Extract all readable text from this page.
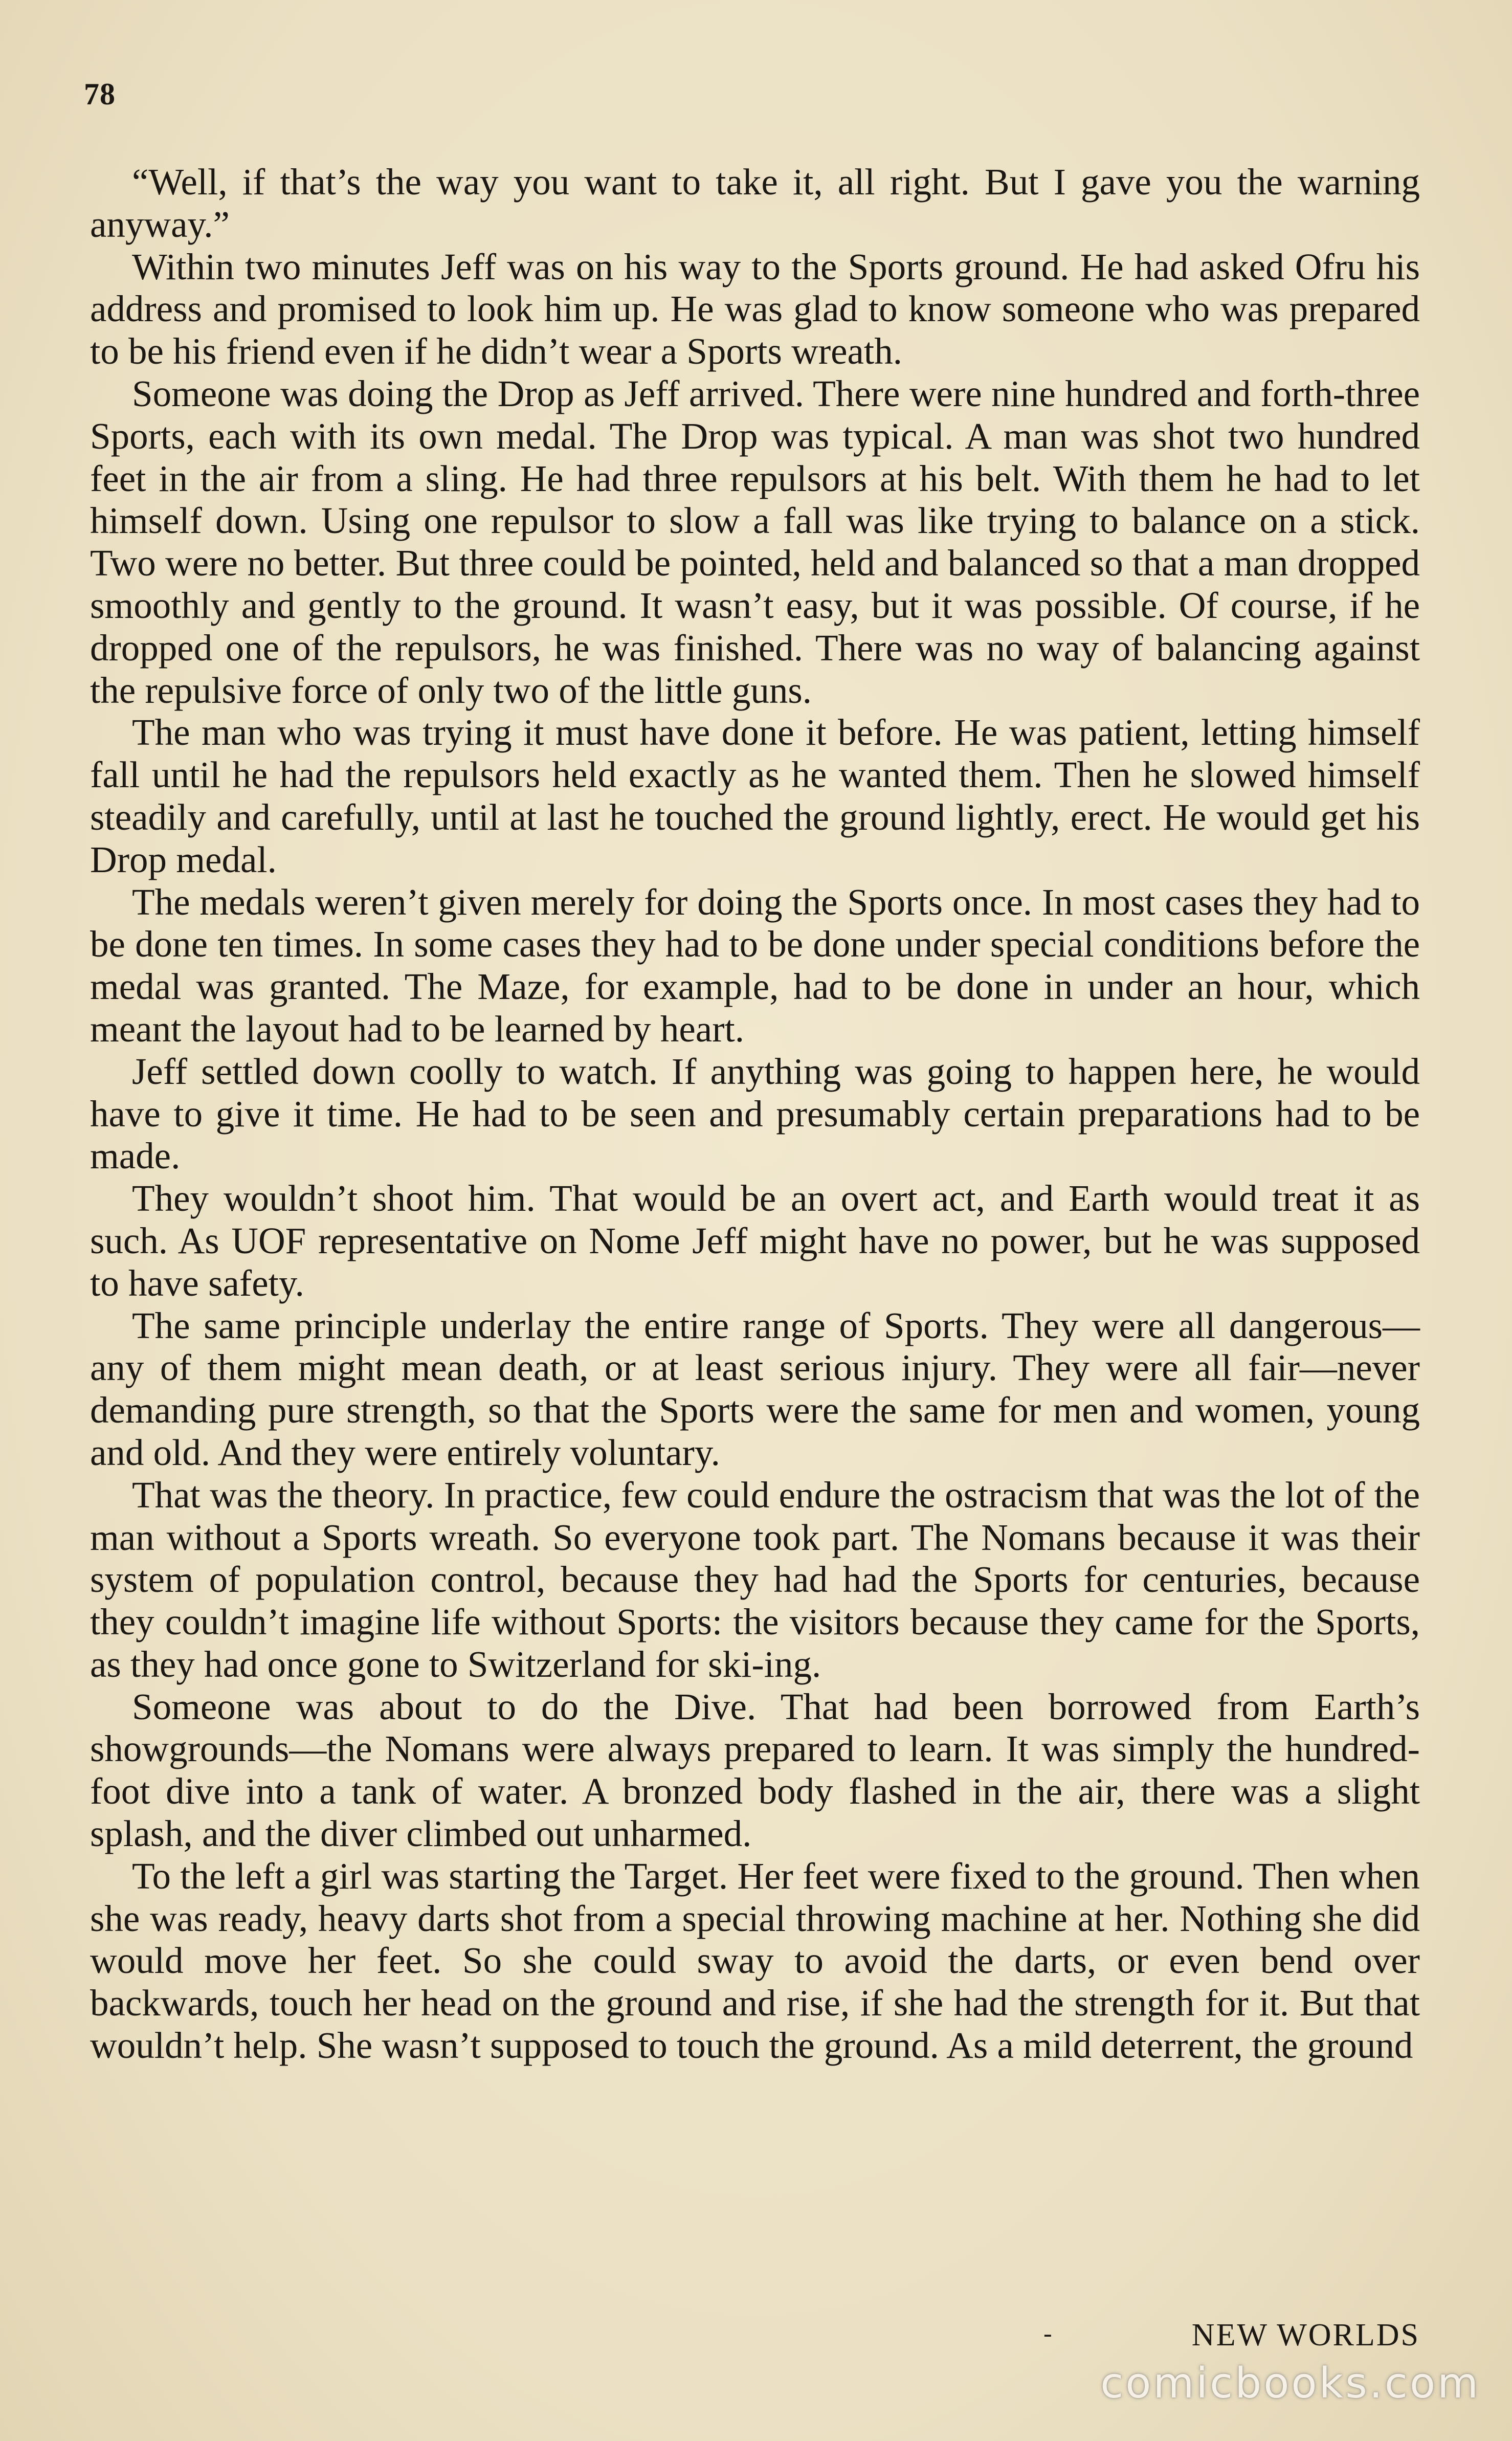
78

“Well, if that’s the way you want to take it, all right. But I gave you the warning anyway.”

Within two minutes Jeff was on his way to the Sports ground. He had asked Ofru his address and promised to look him up. He was glad to know someone who was prepared to be his friend even if he didn’t wear a Sports wreath.

Someone was doing the Drop as Jeff arrived. There were nine hundred and forth-three Sports, each with its own medal. The Drop was typical. A man was shot two hundred feet in the air from a sling. He had three repulsors at his belt. With them he had to let himself down. Using one repulsor to slow a fall was like trying to balance on a stick. Two were no better. But three could be pointed, held and balanced so that a man dropped smoothly and gently to the ground. It wasn’t easy, but it was possible. Of course, if he dropped one of the repulsors, he was finished. There was no way of balancing against the repulsive force of only two of the little guns.

The man who was trying it must have done it before. He was patient, letting himself fall until he had the repulsors held exactly as he wanted them. Then he slowed himself steadily and carefully, until at last he touched the ground lightly, erect. He would get his Drop medal.

The medals weren’t given merely for doing the Sports once. In most cases they had to be done ten times. In some cases they had to be done under special conditions before the medal was granted. The Maze, for example, had to be done in under an hour, which meant the layout had to be learned by heart.

Jeff settled down coolly to watch. If anything was going to happen here, he would have to give it time. He had to be seen and presumably certain preparations had to be made.

They wouldn’t shoot him. That would be an overt act, and Earth would treat it as such. As UOF representative on Nome Jeff might have no power, but he was supposed to have safety.

The same principle underlay the entire range of Sports. They were all dangerous—any of them might mean death, or at least serious injury. They were all fair—never demanding pure strength, so that the Sports were the same for men and women, young and old. And they were entirely voluntary.

That was the theory. In practice, few could endure the ostracism that was the lot of the man without a Sports wreath. So everyone took part. The Nomans because it was their system of population control, because they had had the Sports for centuries, because they couldn’t imagine life without Sports: the visitors because they came for the Sports, as they had once gone to Switzerland for ski-ing.

Someone was about to do the Dive. That had been borrowed from Earth’s showgrounds—the Nomans were always prepared to learn. It was simply the hundred-foot dive into a tank of water. A bronzed body flashed in the air, there was a slight splash, and the diver climbed out unharmed.

To the left a girl was starting the Target. Her feet were fixed to the ground. Then when she was ready, heavy darts shot from a special throwing machine at her. Nothing she did would move her feet. So she could sway to avoid the darts, or even bend over backwards, touch her head on the ground and rise, if she had the strength for it. But that wouldn’t help. She wasn’t supposed to touch the ground. As a mild deterrent, the ground

-	NEW WORLDS
comicbooks.com
